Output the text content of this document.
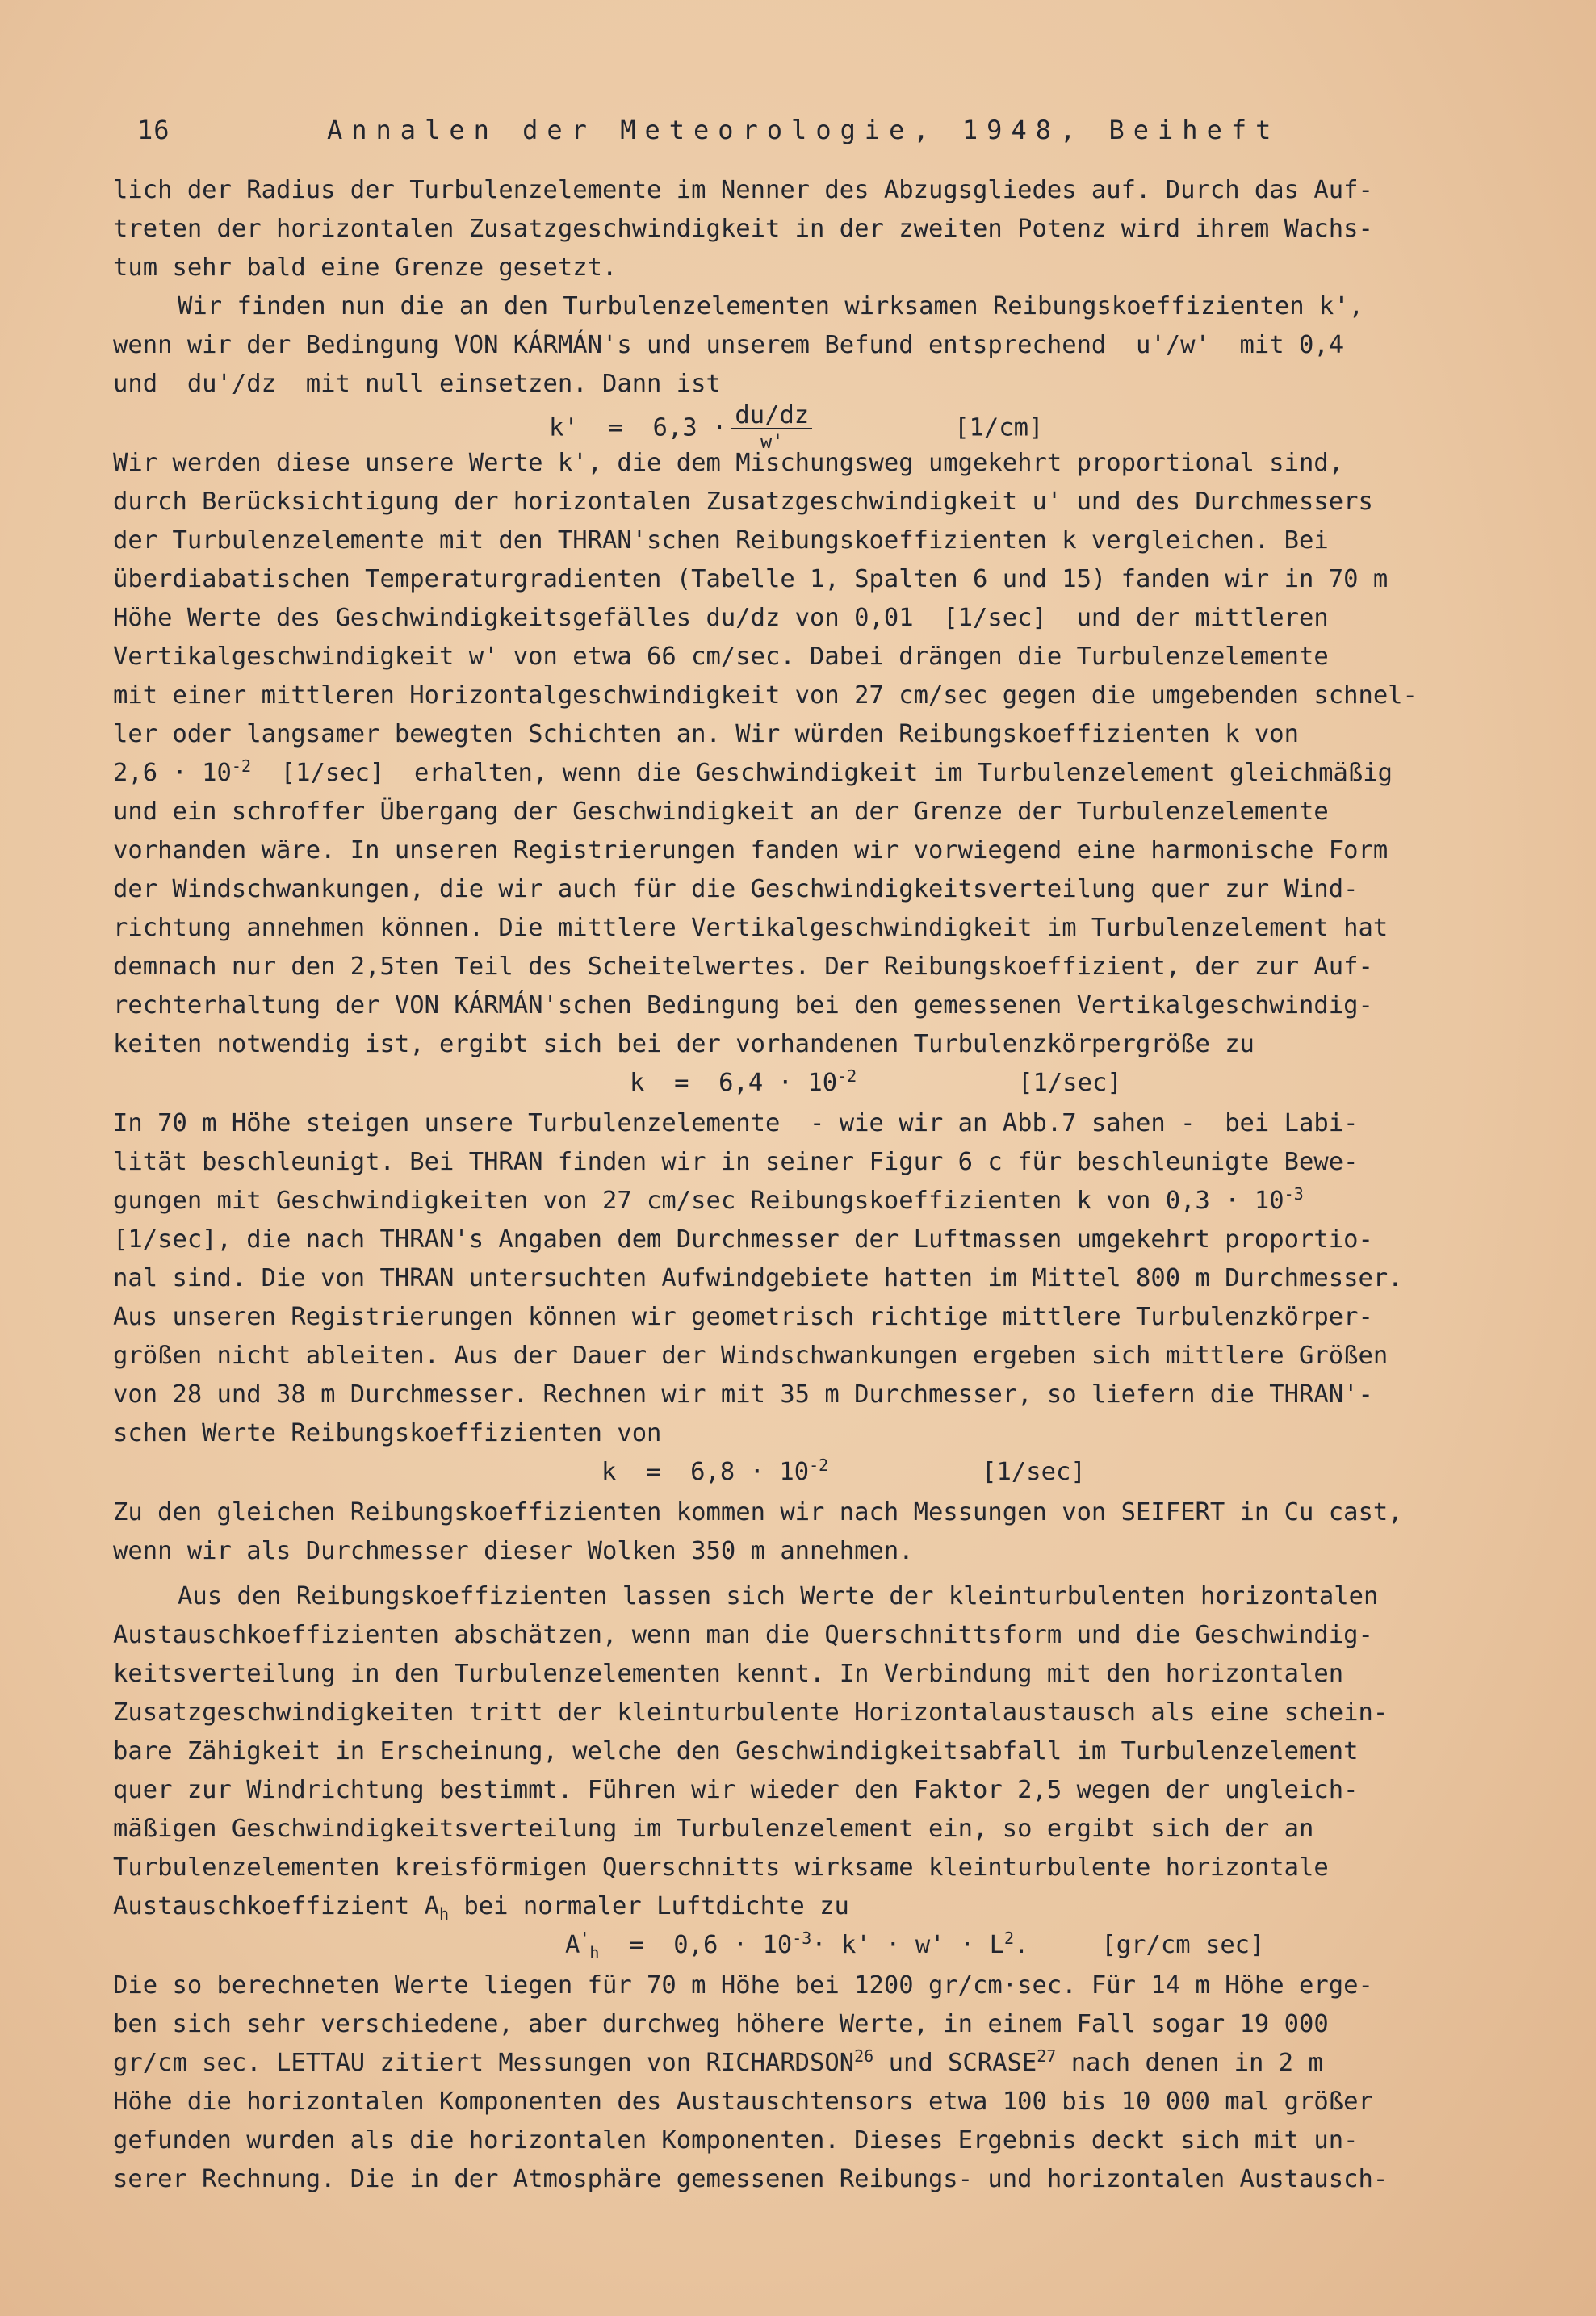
16	Annalen der Meteorologie, 1948, Beiheft
lich der Radius der Turbulenzelemente im Nenner des Abzugsgliedes auf. Durch das Auf-
treten der horizontalen Zusatzgeschwindigkeit in der zweiten Potenz wird ihrem Wachs-
tum sehr bald eine Grenze gesetzt.
Wir finden nun die an den Turbulenzelementen wirksamen Reibungskoeffizienten k',
wenn wir der Bedingung VON KÁRMÁN's und unserem Befund entsprechend  u'/w'  mit 0,4
und  du'/dz  mit null einsetzen. Dann ist
$k' = 6,3 \cdot \frac{du/dz}{w'}$	[1/cm]
Wir werden diese unsere Werte k', die dem Mischungsweg umgekehrt proportional sind,
durch Berücksichtigung der horizontalen Zusatzgeschwindigkeit u' und des Durchmessers
der Turbulenzelemente mit den THRAN'schen Reibungskoeffizienten k vergleichen. Bei
überdiabatischen Temperaturgradienten (Tabelle 1, Spalten 6 und 15) fanden wir in 70 m
Höhe Werte des Geschwindigkeitsgefälles du/dz von 0,01  [1/sec]  und der mittleren
Vertikalgeschwindigkeit w' von etwa 66 cm/sec. Dabei drängen die Turbulenzelemente
mit einer mittleren Horizontalgeschwindigkeit von 27 cm/sec gegen die umgebenden schnel-
ler oder langsamer bewegten Schichten an. Wir würden Reibungskoeffizienten k von
$2,6 \cdot 10^{-2}$ [1/sec] erhalten, wenn die Geschwindigkeit im Turbulenzelement gleichmäßig
und ein schroffer Übergang der Geschwindigkeit an der Grenze der Turbulenzelemente
vorhanden wäre. In unseren Registrierungen fanden wir vorwiegend eine harmonische Form
der Windschwankungen, die wir auch für die Geschwindigkeitsverteilung quer zur Wind-
richtung annehmen können. Die mittlere Vertikalgeschwindigkeit im Turbulenzelement hat
demnach nur den 2,5ten Teil des Scheitelwertes. Der Reibungskoeffizient, der zur Auf-
rechterhaltung der VON KÁRMÁN'schen Bedingung bei den gemessenen Vertikalgeschwindig-
keiten notwendig ist, ergibt sich bei der vorhandenen Turbulenzkörpergröße zu
$k = 6,4 \cdot 10^{-2}$	[1/sec]
In 70 m Höhe steigen unsere Turbulenzelemente  - wie wir an Abb.7 sahen -  bei Labi-
lität beschleunigt. Bei THRAN finden wir in seiner Figur 6 c für beschleunigte Bewe-
gungen mit Geschwindigkeiten von 27 cm/sec Reibungskoeffizienten k von $0,3 \cdot 10^{-3}$
[1/sec], die nach THRAN's Angaben dem Durchmesser der Luftmassen umgekehrt proportio-
nal sind. Die von THRAN untersuchten Aufwindgebiete hatten im Mittel 800 m Durchmesser.
Aus unseren Registrierungen können wir geometrisch richtige mittlere Turbulenzkörper-
größen nicht ableiten. Aus der Dauer der Windschwankungen ergeben sich mittlere Größen
von 28 und 38 m Durchmesser. Rechnen wir mit 35 m Durchmesser, so liefern die THRAN'-
schen Werte Reibungskoeffizienten von
$k = 6,8 \cdot 10^{-2}$	[1/sec]
Zu den gleichen Reibungskoeffizienten kommen wir nach Messungen von SEIFERT in Cu cast,
wenn wir als Durchmesser dieser Wolken 350 m annehmen.
Aus den Reibungskoeffizienten lassen sich Werte der kleinturbulenten horizontalen
Austauschkoeffizienten abschätzen, wenn man die Querschnittsform und die Geschwindig-
keitsverteilung in den Turbulenzelementen kennt. In Verbindung mit den horizontalen
Zusatzgeschwindigkeiten tritt der kleinturbulente Horizontalaustausch als eine schein-
bare Zähigkeit in Erscheinung, welche den Geschwindigkeitsabfall im Turbulenzelement
quer zur Windrichtung bestimmt. Führen wir wieder den Faktor 2,5 wegen der ungleich-
mäßigen Geschwindigkeitsverteilung im Turbulenzelement ein, so ergibt sich der an
Turbulenzelementen kreisförmigen Querschnitts wirksame kleinturbulente horizontale
Austauschkoeffizient $A_h$ bei normaler Luftdichte zu
$A'_h = 0,6 \cdot 10^{-3}\cdot k' \cdot w' \cdot L^2$.	[gr/cm sec]
Die so berechneten Werte liegen für 70 m Höhe bei 1200 gr/cm·sec. Für 14 m Höhe erge-
ben sich sehr verschiedene, aber durchweg höhere Werte, in einem Fall sogar 19 000
gr/cm sec. LETTAU zitiert Messungen von RICHARDSON$^{26}$ und SCRASE$^{27}$ nach denen in 2 m
Höhe die horizontalen Komponenten des Austauschtensors etwa 100 bis 10 000 mal größer
gefunden wurden als die horizontalen Komponenten. Dieses Ergebnis deckt sich mit un-
serer Rechnung. Die in der Atmosphäre gemessenen Reibungs- und horizontalen Austausch-
